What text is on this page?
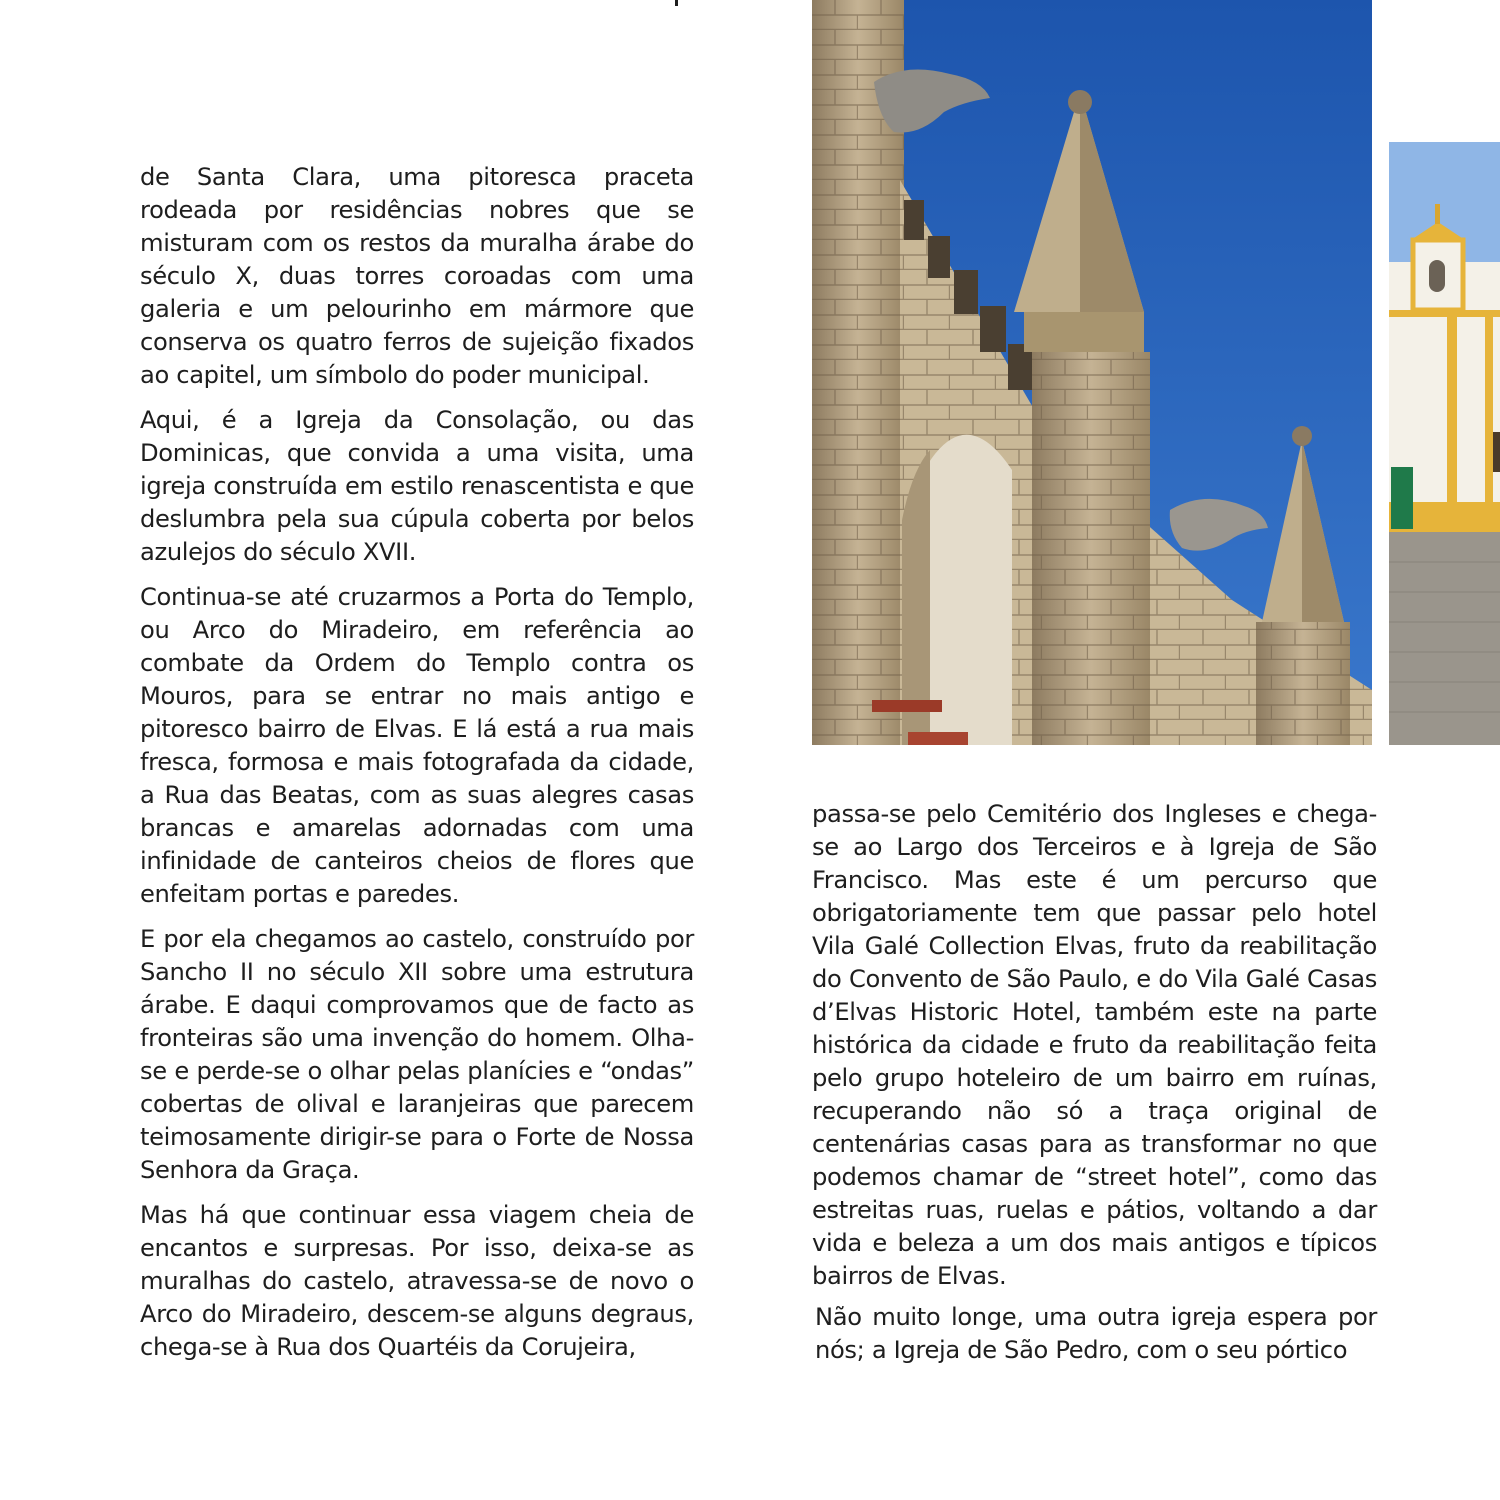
de Santa Clara, uma pitoresca praceta rodeada por residências nobres que se misturam com os restos da muralha árabe do século X, duas torres coroadas com uma galeria e um pelourinho em mármore que conserva os quatro ferros de sujeição fixados ao capitel, um símbolo do poder municipal.

Aqui, é a Igreja da Consolação, ou das Dominicas, que convida a uma visita, uma igreja construída em estilo renascentista e que deslumbra pela sua cúpula coberta por belos azulejos do século XVII.

Continua-se até cruzarmos a Porta do Templo, ou Arco do Miradeiro, em referência ao combate da Ordem do Templo contra os Mouros, para se entrar no mais antigo e pitoresco bairro de Elvas. E lá está a rua mais fresca, formosa e mais fotografada da cidade, a Rua das Beatas, com as suas alegres casas brancas e amarelas adornadas com uma infinidade de canteiros cheios de flores que enfeitam portas e paredes.

E por ela chegamos ao castelo, construído por Sancho II no século XII sobre uma estrutura árabe. E daqui comprovamos que de facto as fronteiras são uma invenção do homem. Olha-se e perde-se o olhar pelas planícies e “ondas” cobertas de olival e laranjeiras que parecem teimosamente dirigir-se para o Forte de Nossa Senhora da Graça.

Mas há que continuar essa viagem cheia de encantos e surpresas. Por isso, deixa-se as muralhas do castelo, atravessa-se de novo o Arco do Miradeiro, descem-se alguns degraus, chega-se à Rua dos Quartéis da Corujeira,

passa-se pelo Cemitério dos Ingleses e chega-se ao Largo dos Terceiros e à Igreja de São Francisco. Mas este é um percurso que obrigatoriamente tem que passar pelo hotel Vila Galé Collection Elvas, fruto da reabilitação do Convento de São Paulo, e do Vila Galé Casas d’Elvas Historic Hotel, também este na parte histórica da cidade e fruto da reabilitação feita pelo grupo hoteleiro de um bairro em ruínas, recuperando não só a traça original de centenárias casas para as transformar no que podemos chamar de “street hotel”, como das estreitas ruas, ruelas e pátios, voltando a dar vida e beleza a um dos mais antigos e típicos bairros de Elvas.

Não muito longe, uma outra igreja espera por nós; a Igreja de São Pedro, com o seu pórtico
